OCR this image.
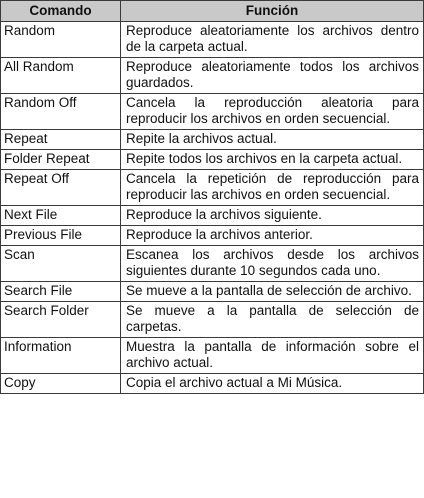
Comando	Función
Random	Reproduce aleatoriamente los archivos dentro de la carpeta actual.
All Random	Reproduce aleatoriamente todos los archivos guardados.
Random Off	Cancela la reproducción aleatoria para reproducir los archivos en orden secuencial.
Repeat	Repite la archivos actual.
Folder Repeat	Repite todos los archivos en la carpeta actual.
Repeat Off	Cancela la repetición de reproducción para reproducir las archivos en orden secuencial.
Next File	Reproduce la archivos siguiente.
Previous File	Reproduce la archivos anterior.
Scan	Escanea los archivos desde los archivos siguientes durante 10 segundos cada uno.
Search File	Se mueve a la pantalla de selección de archivo.
Search Folder	Se mueve a la pantalla de selección de carpetas.
Information	Muestra la pantalla de información sobre el archivo actual.
Copy	Copia el archivo actual a Mi Música.
